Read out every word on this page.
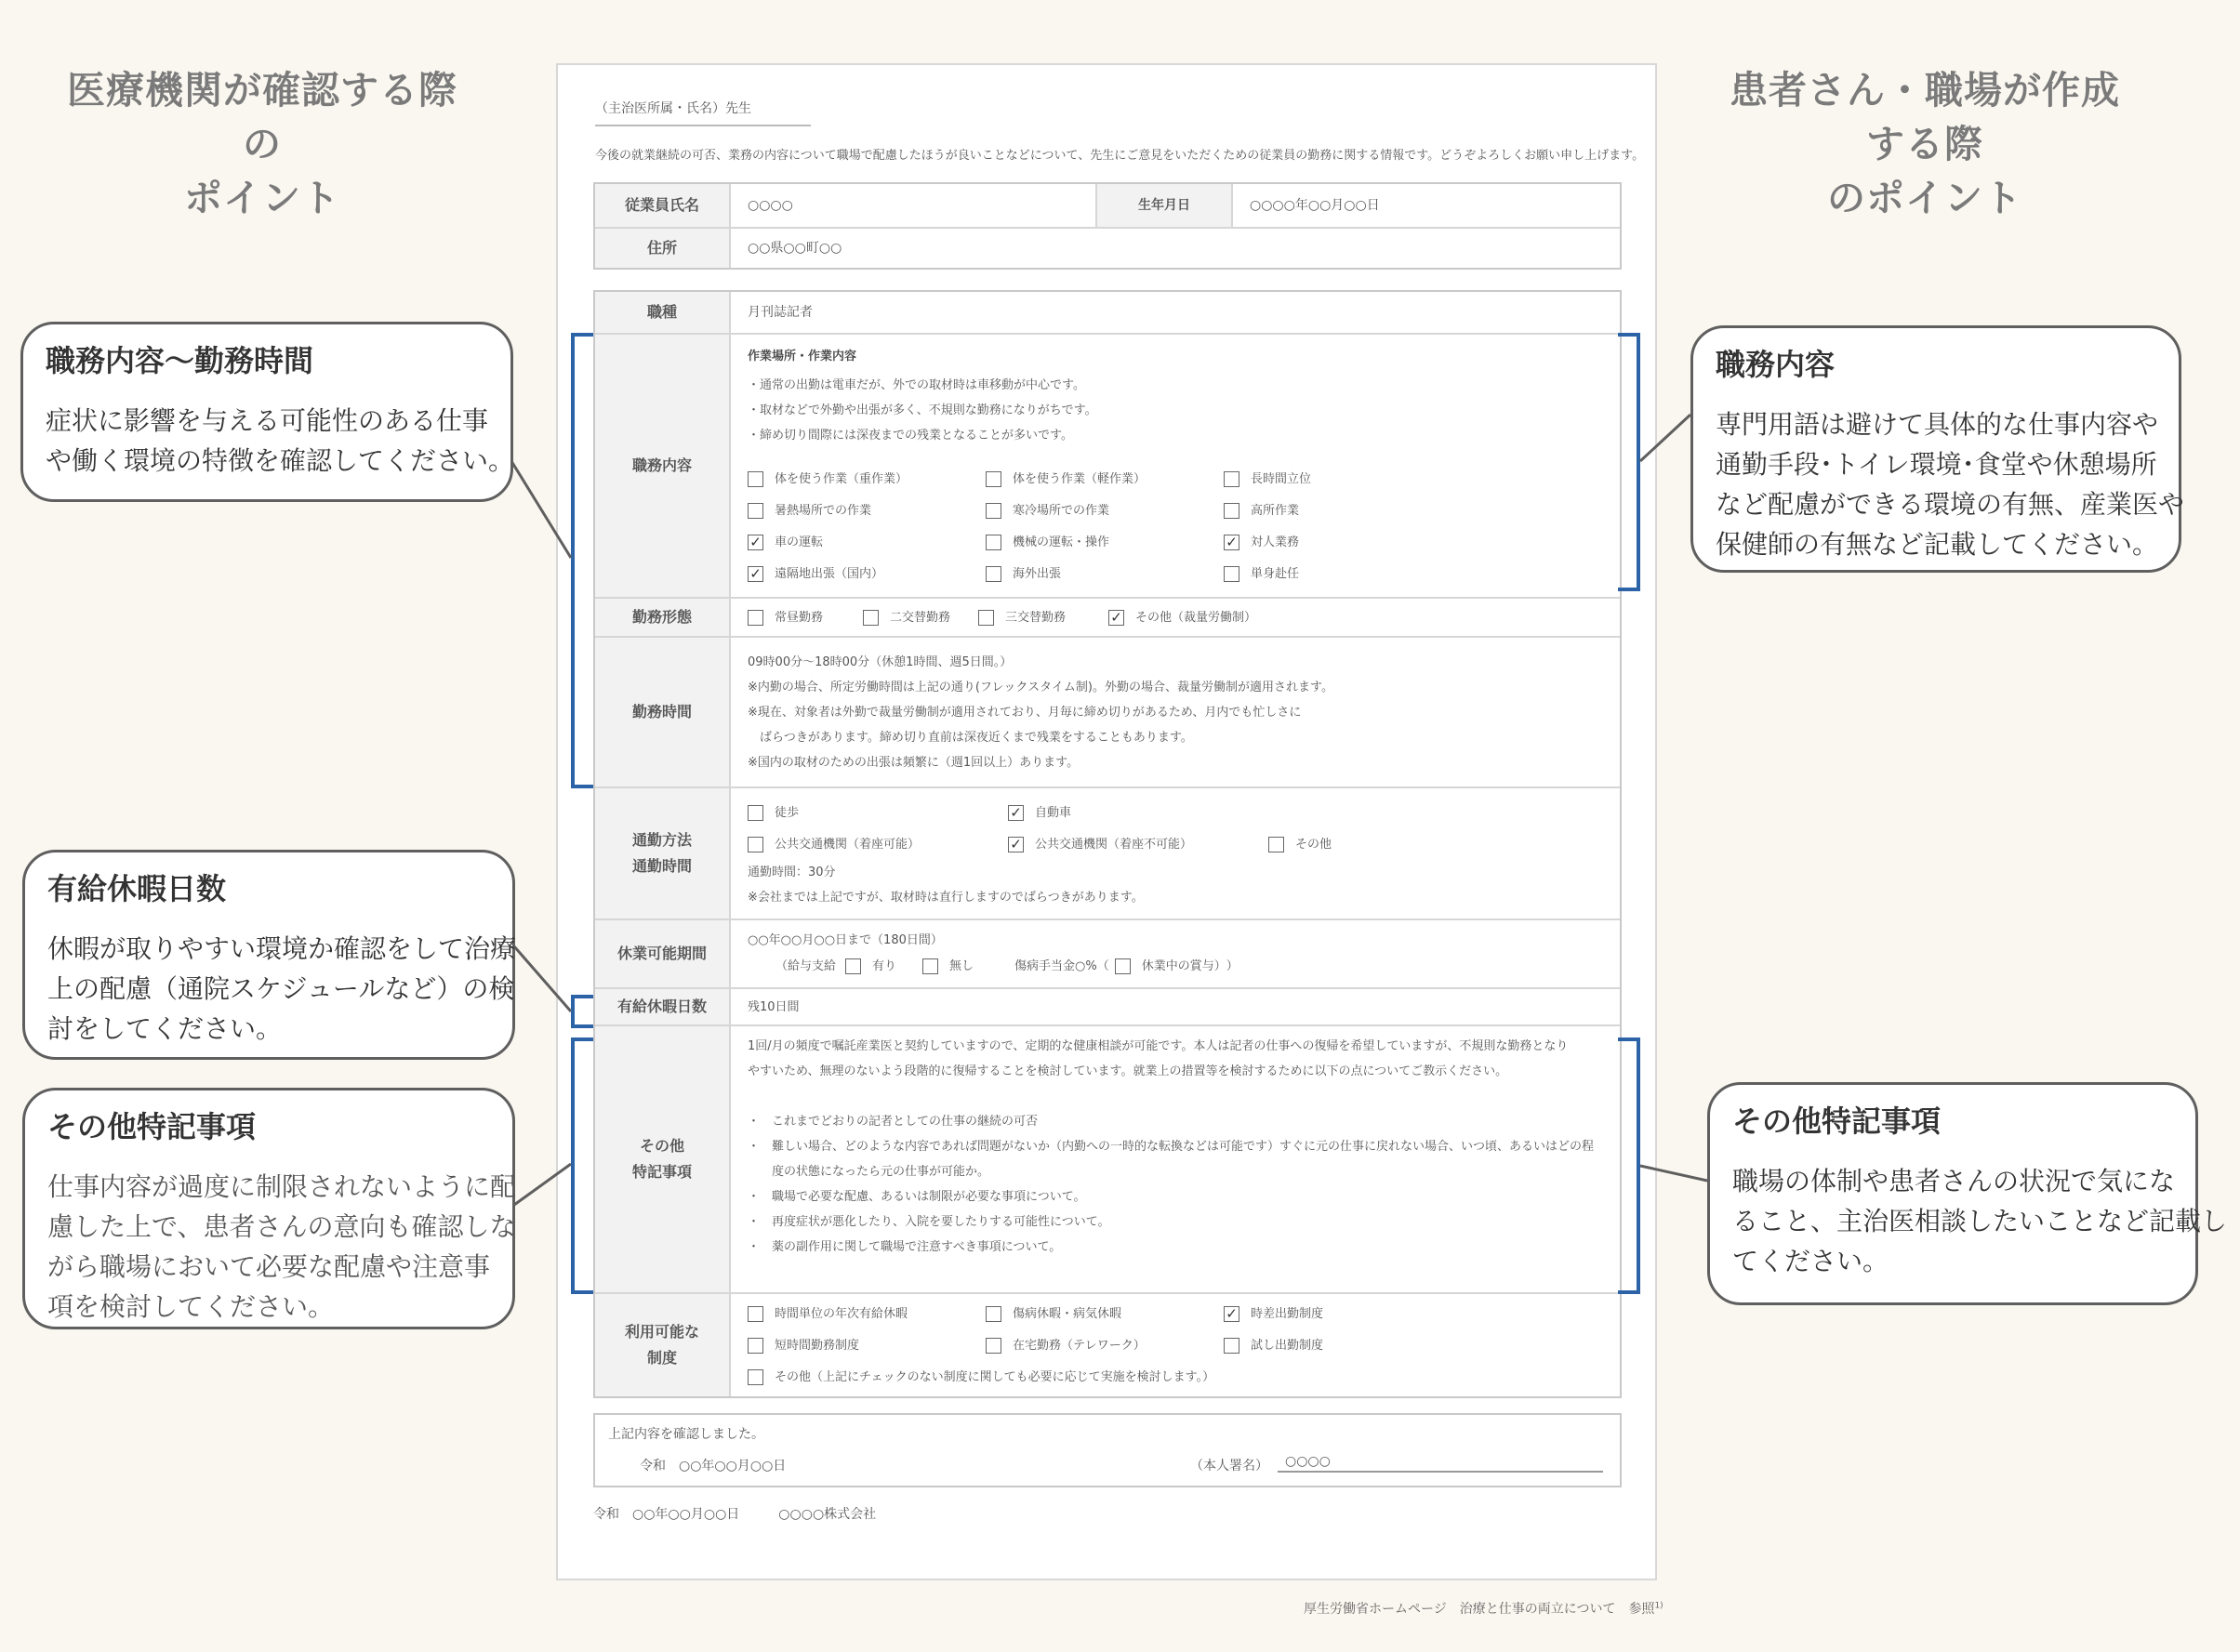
医療機関が確認する際の
ポイント
患者さん・職場が作成する際
のポイント
（主治医所属・氏名）先生
今後の就業継続の可否、業務の内容について職場で配慮したほうが良いことなどについて、先生にご意見をいただくための従業員の勤務に関する情報です。どうぞよろしくお願い申し上げます。
従業員氏名	○○○○	生年月日	○○○○年○○月○○日
住所	○○県○○町○○
職種	月刊誌記者
職務内容
作業場所・作業内容
・通常の出勤は電車だが、外での取材時は車移動が中心です。
・取材などで外勤や出張が多く、不規則な勤務になりがちです。
・締め切り間際には深夜までの残業となることが多いです。
体を使う作業（重作業）	体を使う作業（軽作業）	長時間立位
暑熱場所での作業	寒冷場所での作業	高所作業
✓ 車の運転	機械の運転・操作	✓ 対人業務
✓ 遠隔地出張（国内）	海外出張	単身赴任
勤務形態	常昼勤務	二交替勤務	三交替勤務	✓ その他（裁量労働制）
勤務時間
09時00分～18時00分（休憩1時間、週5日間。）
※内勤の場合、所定労働時間は上記の通り(フレックスタイム制)。外勤の場合、裁量労働制が適用されます。
※現在、対象者は外勤で裁量労働制が適用されており、月毎に締め切りがあるため、月内でも忙しさに
　ばらつきがあります。締め切り直前は深夜近くまで残業をすることもあります。
※国内の取材のための出張は頻繁に（週1回以上）あります。
通勤方法
通勤時間
徒歩	✓ 自動車
公共交通機関（着座可能）	✓ 公共交通機関（着座不可能）	その他
通勤時間：30分
※会社までは上記ですが、取材時は直行しますのでばらつきがあります。
休業可能期間
○○年○○月○○日まで（180日間）
（給与支給	有り	無し	傷病手当金○%（	休業中の賞与） ）
有給休暇日数	残10日間
その他
特記事項
1回/月の頻度で嘱託産業医と契約していますので、定期的な健康相談が可能です。本人は記者の仕事への復帰を希望していますが、不規則な勤務となり
やすいため、無理のないよう段階的に復帰することを検討しています。就業上の措置等を検討するために以下の点についてご教示ください。
・　これまでどおりの記者としての仕事の継続の可否
・　難しい場合、どのような内容であれば問題がないか（内勤への一時的な転換などは可能です）すぐに元の仕事に戻れない場合、いつ頃、あるいはどの程
　　度の状態になったら元の仕事が可能か。
・　職場で必要な配慮、あるいは制限が必要な事項について。
・　再度症状が悪化したり、入院を要したりする可能性について。
・　薬の副作用に関して職場で注意すべき事項について。
利用可能な
制度
時間単位の年次有給休暇	傷病休暇・病気休暇	✓ 時差出勤制度
短時間勤務制度	在宅勤務（テレワーク）	試し出勤制度
その他（上記にチェックのない制度に関しても必要に応じて実施を検討します。）
上記内容を確認しました。
令和　○○年○○月○○日	（本人署名）	○○○○
令和　○○年○○月○○日　　　○○○○株式会社
厚生労働省ホームページ　治療と仕事の両立について　参照$^{1)}$
職務内容〜勤務時間
症状に影響を与える可能性のある仕事
や働く環境の特徴を確認してください。
有給休暇日数
休暇が取りやすい環境か確認をして治療
上の配慮（通院スケジュールなど）の検
討をしてください。
その他特記事項
仕事内容が過度に制限されないように配
慮した上で、患者さんの意向も確認しな
がら職場において必要な配慮や注意事
項を検討してください。
職務内容
専門用語は避けて具体的な仕事内容や
通勤手段･トイレ環境･食堂や休憩場所
など配慮ができる環境の有無、産業医や
保健師の有無など記載してください。
その他特記事項
職場の体制や患者さんの状況で気にな
ること、主治医相談したいことなど記載し
てください。
